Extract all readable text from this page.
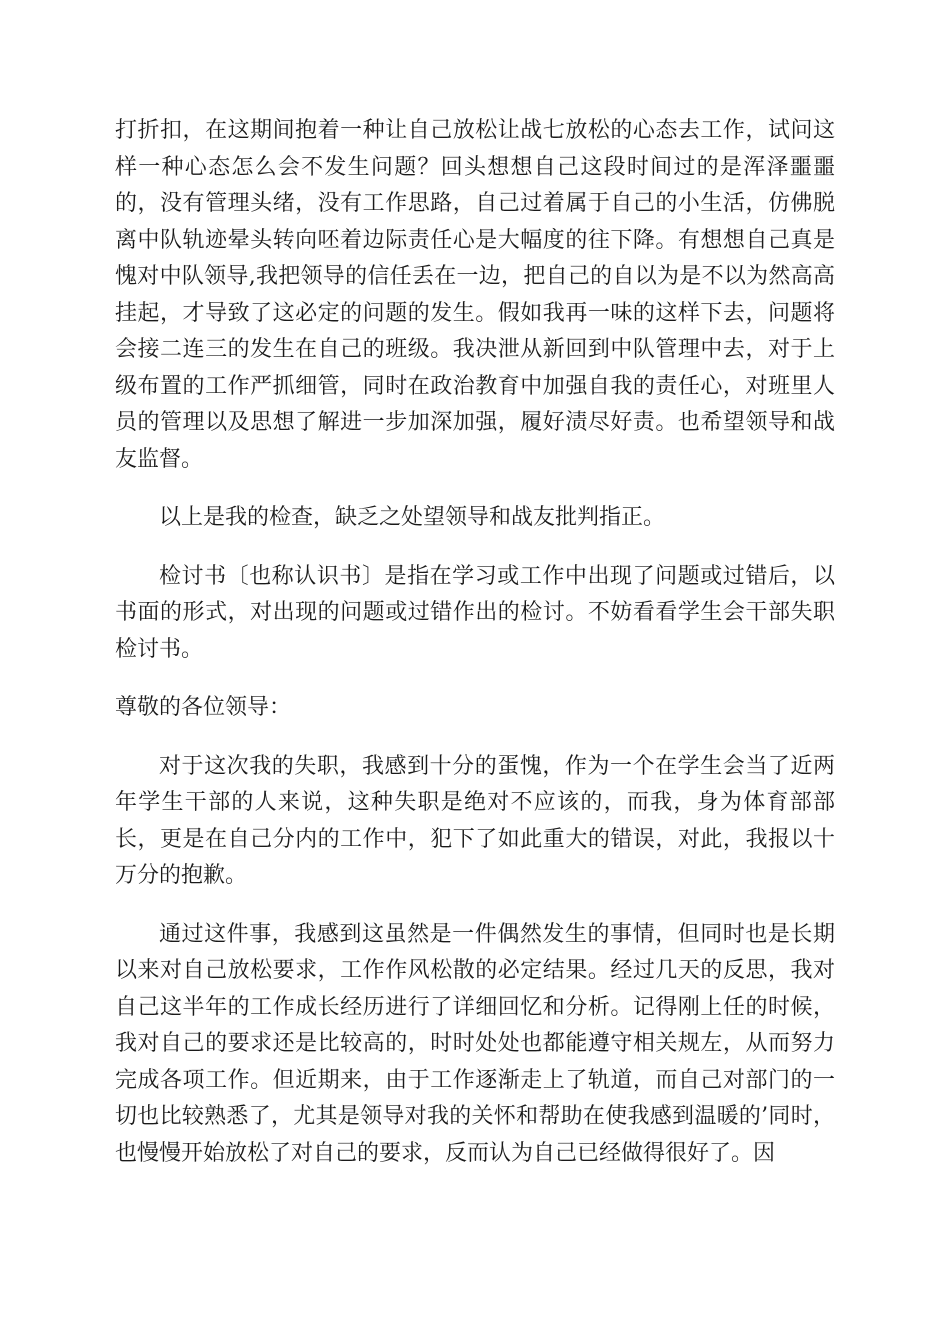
打折扣，在这期间抱着一种让自己放松让战七放松的心态去工作，试问这样一种心态怎么会不发生问题？回头想想自己这段时间过的是浑泽噩噩的，没有管理头绪，没有工作思路，自己过着属于自己的小生活，仿佛脱离中队轨迹晕头转向呸着边际责任心是大幅度的往下降。有想想自己真是愧对中队领导,我把领导的信任丢在一边，把自己的自以为是不以为然高高挂起，才导致了这必定的问题的发生。假如我再一味的这样下去，问题将会接二连三的发生在自己的班级。我决泄从新回到中队管理中去，对于上级布置的工作严抓细管，同时在政治教育中加强自我的责任心，对班里人员的管理以及思想了解进一步加深加强，履好渍尽好责。也希望领导和战友监督。

以上是我的检查，缺乏之处望领导和战友批判指正。

检讨书〔也称认识书〕是指在学习或工作中出现了问题或过错后，以书面的形式，对出现的问题或过错作出的检讨。不妨看看学生会干部失职检讨书。

尊敬的各位领导：

对于这次我的失职，我感到十分的蛋愧，作为一个在学生会当了近两年学生干部的人来说，这种失职是绝对不应该的，而我，身为体育部部长，更是在自己分内的工作中，犯下了如此重大的错误，对此，我报以十万分的抱歉。

通过这件事，我感到这虽然是一件偶然发生的事情，但同时也是长期以来对自己放松要求，工作作风松散的必定结果。经过几天的反思，我对自己这半年的工作成长经历进行了详细回忆和分析。记得刚上任的时候，我对自己的要求还是比较高的，时时处处也都能遵守相关规左，从而努力完成各项工作。但近期来，由于工作逐渐走上了轨道，而自己对部门的一切也比较熟悉了，尤其是领导对我的关怀和帮助在使我感到温暖的’同时，也慢慢开始放松了对自己的要求，反而认为自己已经做得很好了。因
